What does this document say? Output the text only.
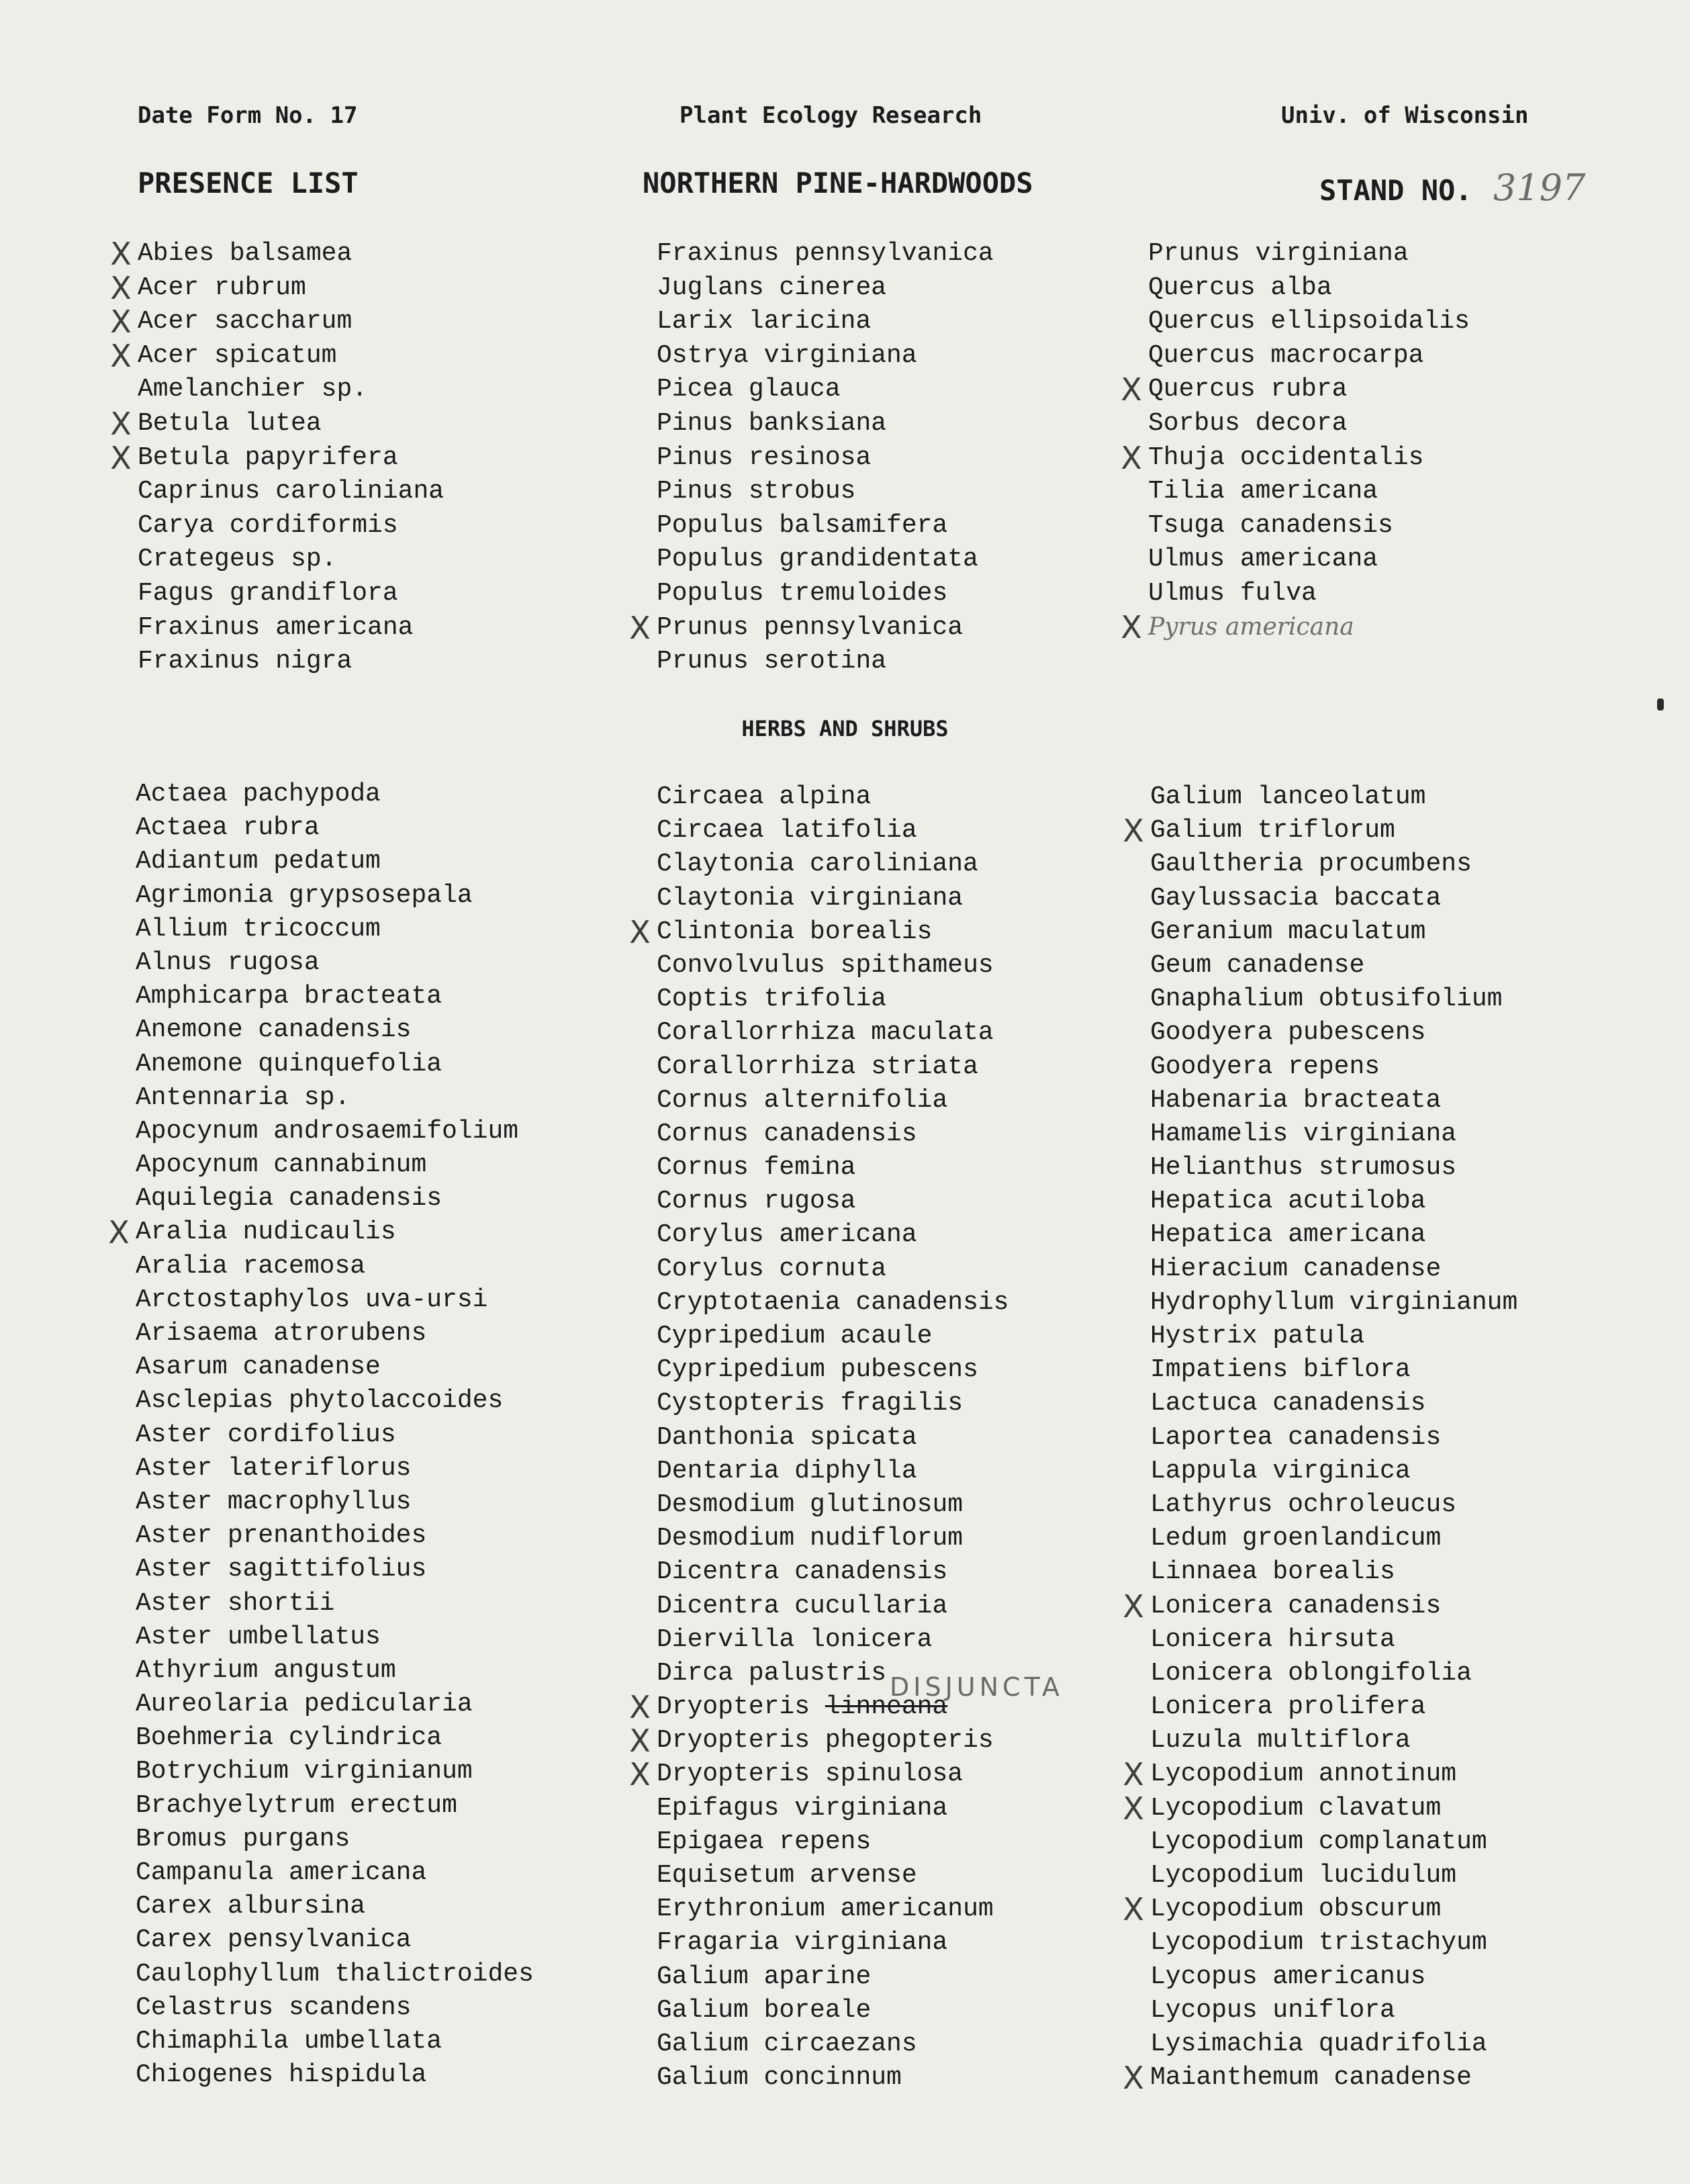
Date Form No. 17	Plant Ecology Research	Univ. of Wisconsin
PRESENCE LIST	NORTHERN PINE-HARDWOODS	STAND NO. 3197
X Abies balsamea
X Acer rubrum
X Acer saccharum
X Acer spicatum
Amelanchier sp.
X Betula lutea
X Betula papyrifera
Caprinus caroliniana
Carya cordiformis
Crategeus sp.
Fagus grandiflora
Fraxinus americana
Fraxinus nigra
Fraxinus pennsylvanica
Juglans cinerea
Larix laricina
Ostrya virginiana
Picea glauca
Pinus banksiana
Pinus resinosa
Pinus strobus
Populus balsamifera
Populus grandidentata
Populus tremuloides
X Prunus pennsylvanica
Prunus serotina
Prunus virginiana
Quercus alba
Quercus ellipsoidalis
Quercus macrocarpa
X Quercus rubra
Sorbus decora
X Thuja occidentalis
Tilia americana
Tsuga canadensis
Ulmus americana
Ulmus fulva
X Pyrus americana
HERBS AND SHRUBS
Actaea pachypoda
Actaea rubra
Adiantum pedatum
Agrimonia grypsosepala
Allium tricoccum
Alnus rugosa
Amphicarpa bracteata
Anemone canadensis
Anemone quinquefolia
Antennaria sp.
Apocynum androsaemifolium
Apocynum cannabinum
Aquilegia canadensis
X Aralia nudicaulis
Aralia racemosa
Arctostaphylos uva-ursi
Arisaema atrorubens
Asarum canadense
Asclepias phytolaccoides
Aster cordifolius
Aster lateriflorus
Aster macrophyllus
Aster prenanthoides
Aster sagittifolius
Aster shortii
Aster umbellatus
Athyrium angustum
Aureolaria pedicularia
Boehmeria cylindrica
Botrychium virginianum
Brachyelytrum erectum
Bromus purgans
Campanula americana
Carex albursina
Carex pensylvanica
Caulophyllum thalictroides
Celastrus scandens
Chimaphila umbellata
Chiogenes hispidula
Circaea alpina
Circaea latifolia
Claytonia caroliniana
Claytonia virginiana
X Clintonia borealis
Convolvulus spithameus
Coptis trifolia
Corallorrhiza maculata
Corallorrhiza striata
Cornus alternifolia
Cornus canadensis
Cornus femina
Cornus rugosa
Corylus americana
Corylus cornuta
Cryptotaenia canadensis
Cypripedium acaule
Cypripedium pubescens
Cystopteris fragilis
Danthonia spicata
Dentaria diphylla
Desmodium glutinosum
Desmodium nudiflorum
Dicentra canadensis
Dicentra cucullaria
Diervilla lonicera
Dirca palustris
X Dryopteris linneana
X Dryopteris phegopteris
X Dryopteris spinulosa
Epifagus virginiana
Epigaea repens
Equisetum arvense
Erythronium americanum
Fragaria virginiana
Galium aparine
Galium boreale
Galium circaezans
Galium concinnum
Galium lanceolatum
X Galium triflorum
Gaultheria procumbens
Gaylussacia baccata
Geranium maculatum
Geum canadense
Gnaphalium obtusifolium
Goodyera pubescens
Goodyera repens
Habenaria bracteata
Hamamelis virginiana
Helianthus strumosus
Hepatica acutiloba
Hepatica americana
Hieracium canadense
Hydrophyllum virginianum
Hystrix patula
Impatiens biflora
Lactuca canadensis
Laportea canadensis
Lappula virginica
Lathyrus ochroleucus
Ledum groenlandicum
Linnaea borealis
X Lonicera canadensis
Lonicera hirsuta
Lonicera oblongifolia
Lonicera prolifera
Luzula multiflora
X Lycopodium annotinum
X Lycopodium clavatum
Lycopodium complanatum
Lycopodium lucidulum
X Lycopodium obscurum
Lycopodium tristachyum
Lycopus americanus
Lycopus uniflora
Lysimachia quadrifolia
X Maianthemum canadense
DISJUNCTA
